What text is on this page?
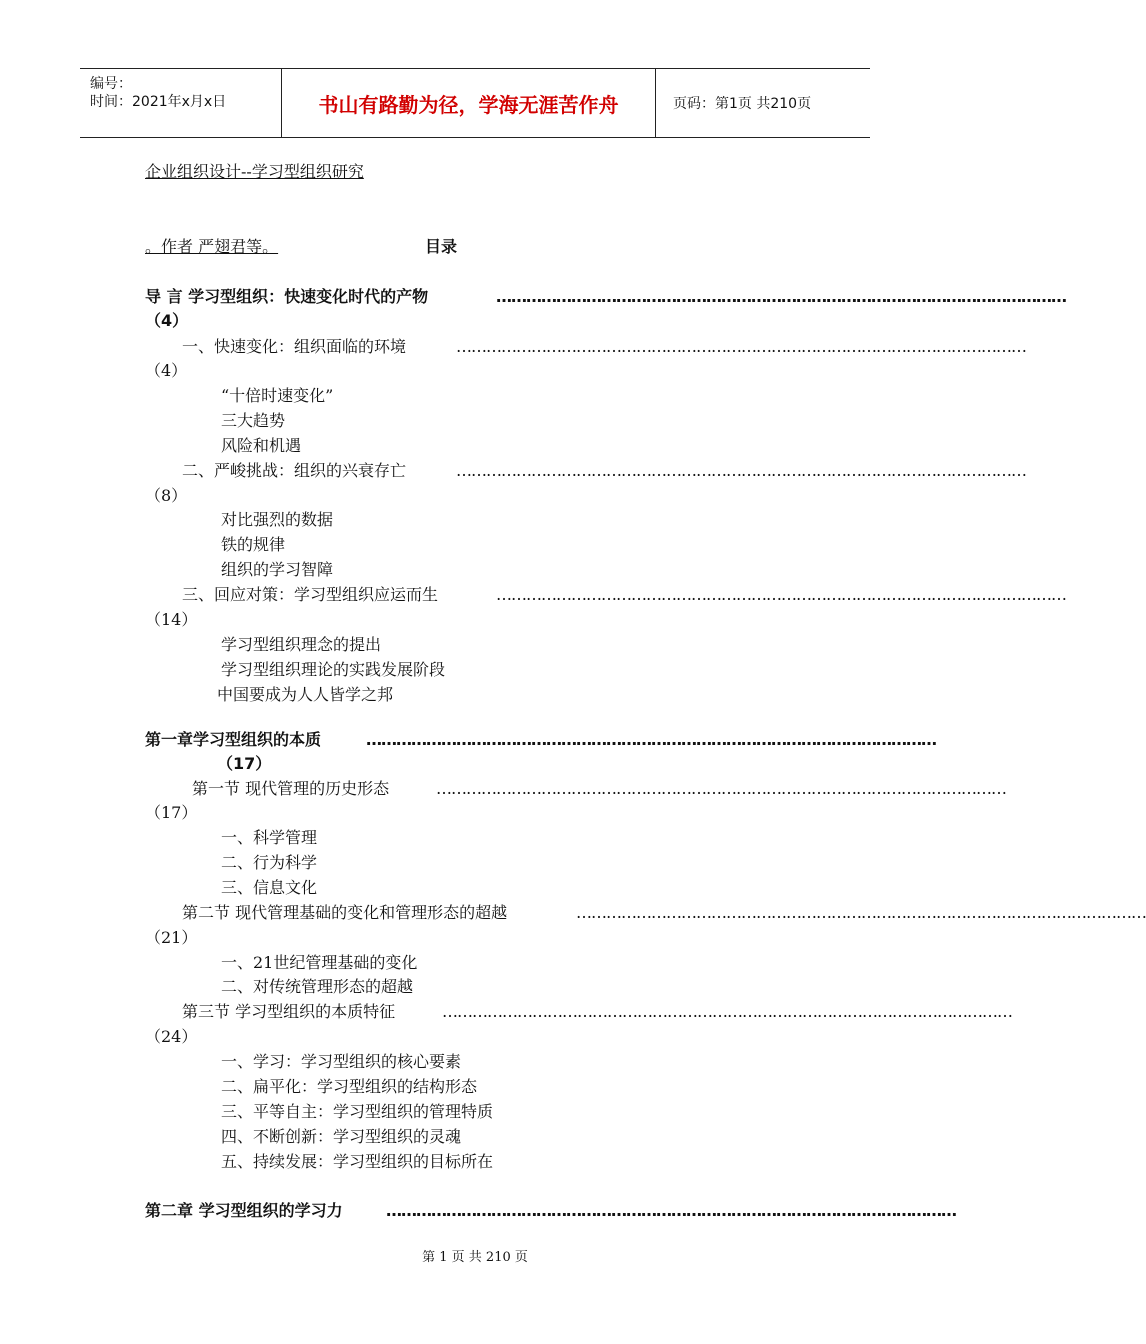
编号：
时间：2021年x月x日	书山有路勤为径，学海无涯苦作舟	页码：第1页 共210页
企业组织设计--学习型组织研究
。作者 严翅君等。	目录
导 言 学习型组织：快速变化时代的产物	……………………………………………………………………………………………………
（4）
一、快速变化：组织面临的环境	……………………………………………………………………………………………………
（4）
“十倍时速变化”
三大趋势
风险和机遇
二、严峻挑战：组织的兴衰存亡	……………………………………………………………………………………………………
（8）
对比强烈的数据
铁的规律
组织的学习智障
三、回应对策：学习型组织应运而生	……………………………………………………………………………………………………
（14）
学习型组织理念的提出
学习型组织理论的实践发展阶段
中国要成为人人皆学之邦
第一章学习型组织的本质	……………………………………………………………………………………………………
（17）
第一节 现代管理的历史形态	……………………………………………………………………………………………………
（17）
一、科学管理
二、行为科学
三、信息文化
第二节 现代管理基础的变化和管理形态的超越	……………………………………………………………………………………………………
（21）
一、21世纪管理基础的变化
二、对传统管理形态的超越
第三节 学习型组织的本质特征	……………………………………………………………………………………………………
（24）
一、学习：学习型组织的核心要素
二、扁平化：学习型组织的结构形态
三、平等自主：学习型组织的管理特质
四、不断创新：学习型组织的灵魂
五、持续发展：学习型组织的目标所在
第二章 学习型组织的学习力	……………………………………………………………………………………………………
第 1 页 共 210 页
